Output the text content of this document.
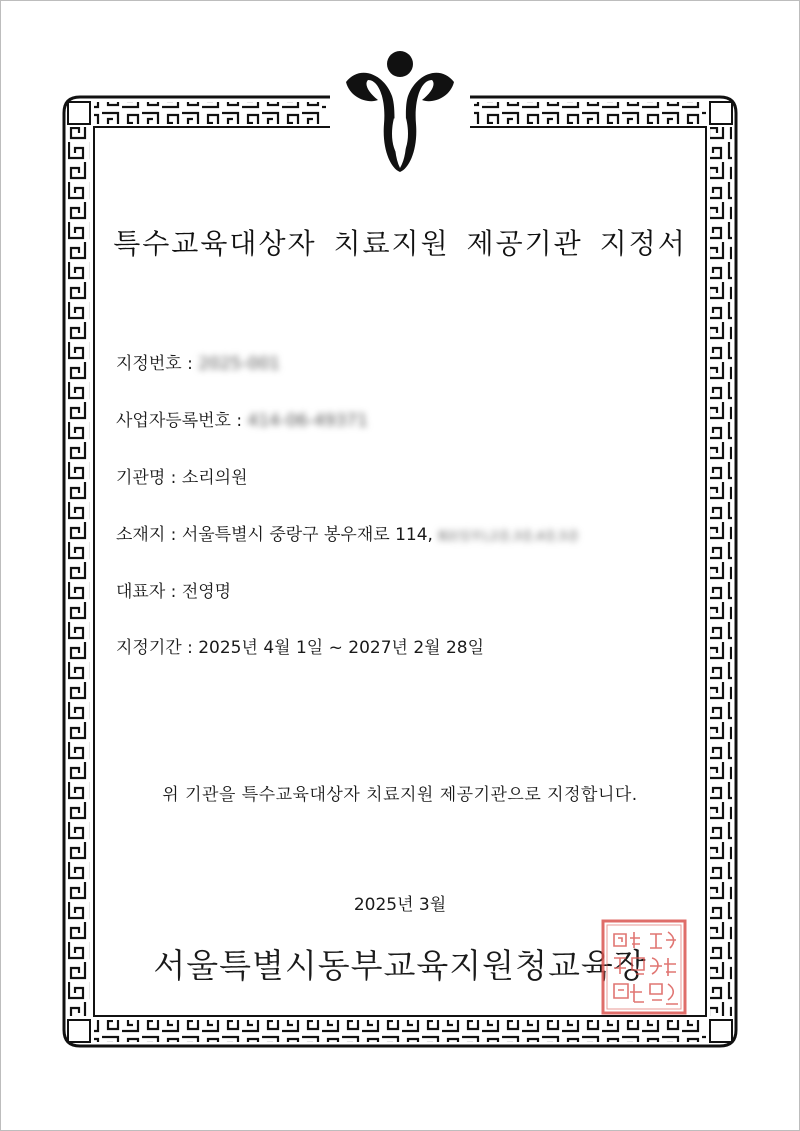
특수교육대상자 치료지원 제공기관 지정서
지정번호 : 2025-001
사업자등록번호 : 414-06-49371
기관명 : 소리의원
소재지 : 서울특별시 중랑구 봉우재로 114, B2(일부),2층,3층,4층,5층
대표자 : 전영명
지정기간 : 2025년 4월 1일 ~ 2027년 2월 28일
위 기관을 특수교육대상자 치료지원 제공기관으로 지정합니다.
2025년 3월
서울특별시동부교육지원청교육장
